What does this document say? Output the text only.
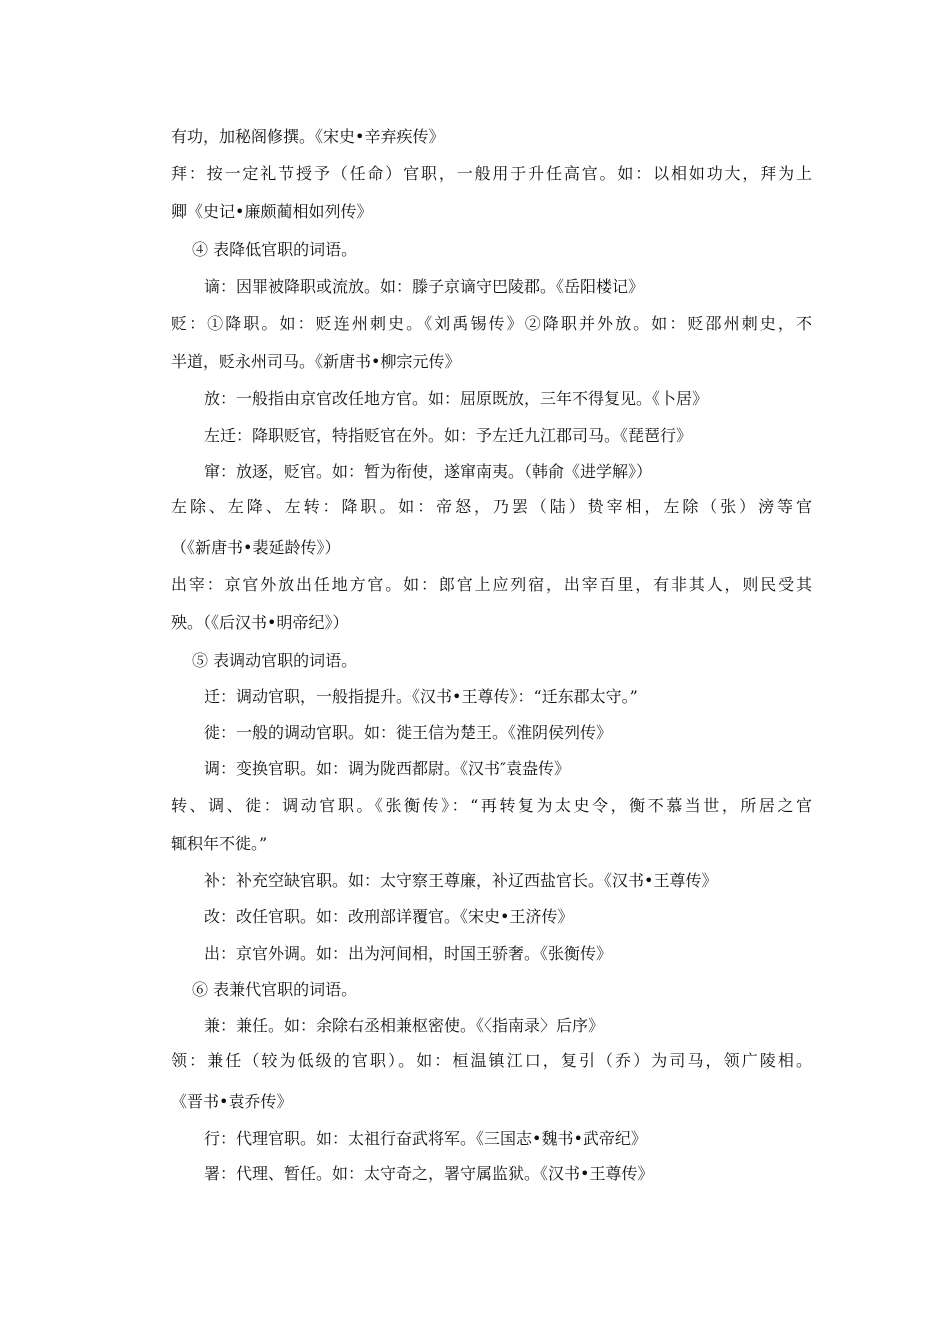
有功，加秘阁修撰。《宋史•辛弃疾传》

拜：按一定礼节授予（任命）官职，一般用于升任高官。如：以相如功大，拜为上

卿《史记•廉颇蔺相如列传》

④ 表降低官职的词语。

谪：因罪被降职或流放。如：滕子京谪守巴陵郡。《岳阳楼记》

贬：①降职。如：贬连州刺史。《刘禹锡传》②降职并外放。如：贬邵州刺史，不

半道，贬永州司马。《新唐书•柳宗元传》

放：一般指由京官改任地方官。如：屈原既放，三年不得复见。《卜居》

左迁：降职贬官，特指贬官在外。如：予左迁九江郡司马。《琵琶行》

窜：放逐，贬官。如：暂为衔使，遂窜南夷。（韩俞《进学解》）

左除、左降、左转：降职。如：帝怒，乃罢（陆）贽宰相，左除（张）滂等官

（《新唐书•裴延龄传》）

出宰：京官外放出任地方官。如：郎官上应列宿，出宰百里，有非其人，则民受其

殃。（《后汉书•明帝纪》）

⑤ 表调动官职的词语。

迁：调动官职，一般指提升。《汉书•王尊传》：“迁东郡太守。”

徙：一般的调动官职。如：徙王信为楚王。《淮阴侯列传》

调：变换官职。如：调为陇西都尉。《汉书″袁盎传》

转、调、徙：调动官职。《张衡传》：“再转复为太史令，衡不慕当世，所居之官

辄积年不徙。”

补：补充空缺官职。如：太守察王尊廉，补辽西盐官长。《汉书•王尊传》

改：改任官职。如：改刑部详覆官。《宋史•王济传》

出：京官外调。如：出为河间相，时国王骄奢。《张衡传》

⑥ 表兼代官职的词语。

兼：兼任。如：余除右丞相兼枢密使。《〈指南录〉后序》

领：兼任（较为低级的官职）。如：桓温镇江口，复引（乔）为司马，领广陵相。

《晋书•袁乔传》

行：代理官职。如：太祖行奋武将军。《三国志•魏书•武帝纪》

署：代理、暂任。如：太守奇之，署守属监狱。《汉书•王尊传》
